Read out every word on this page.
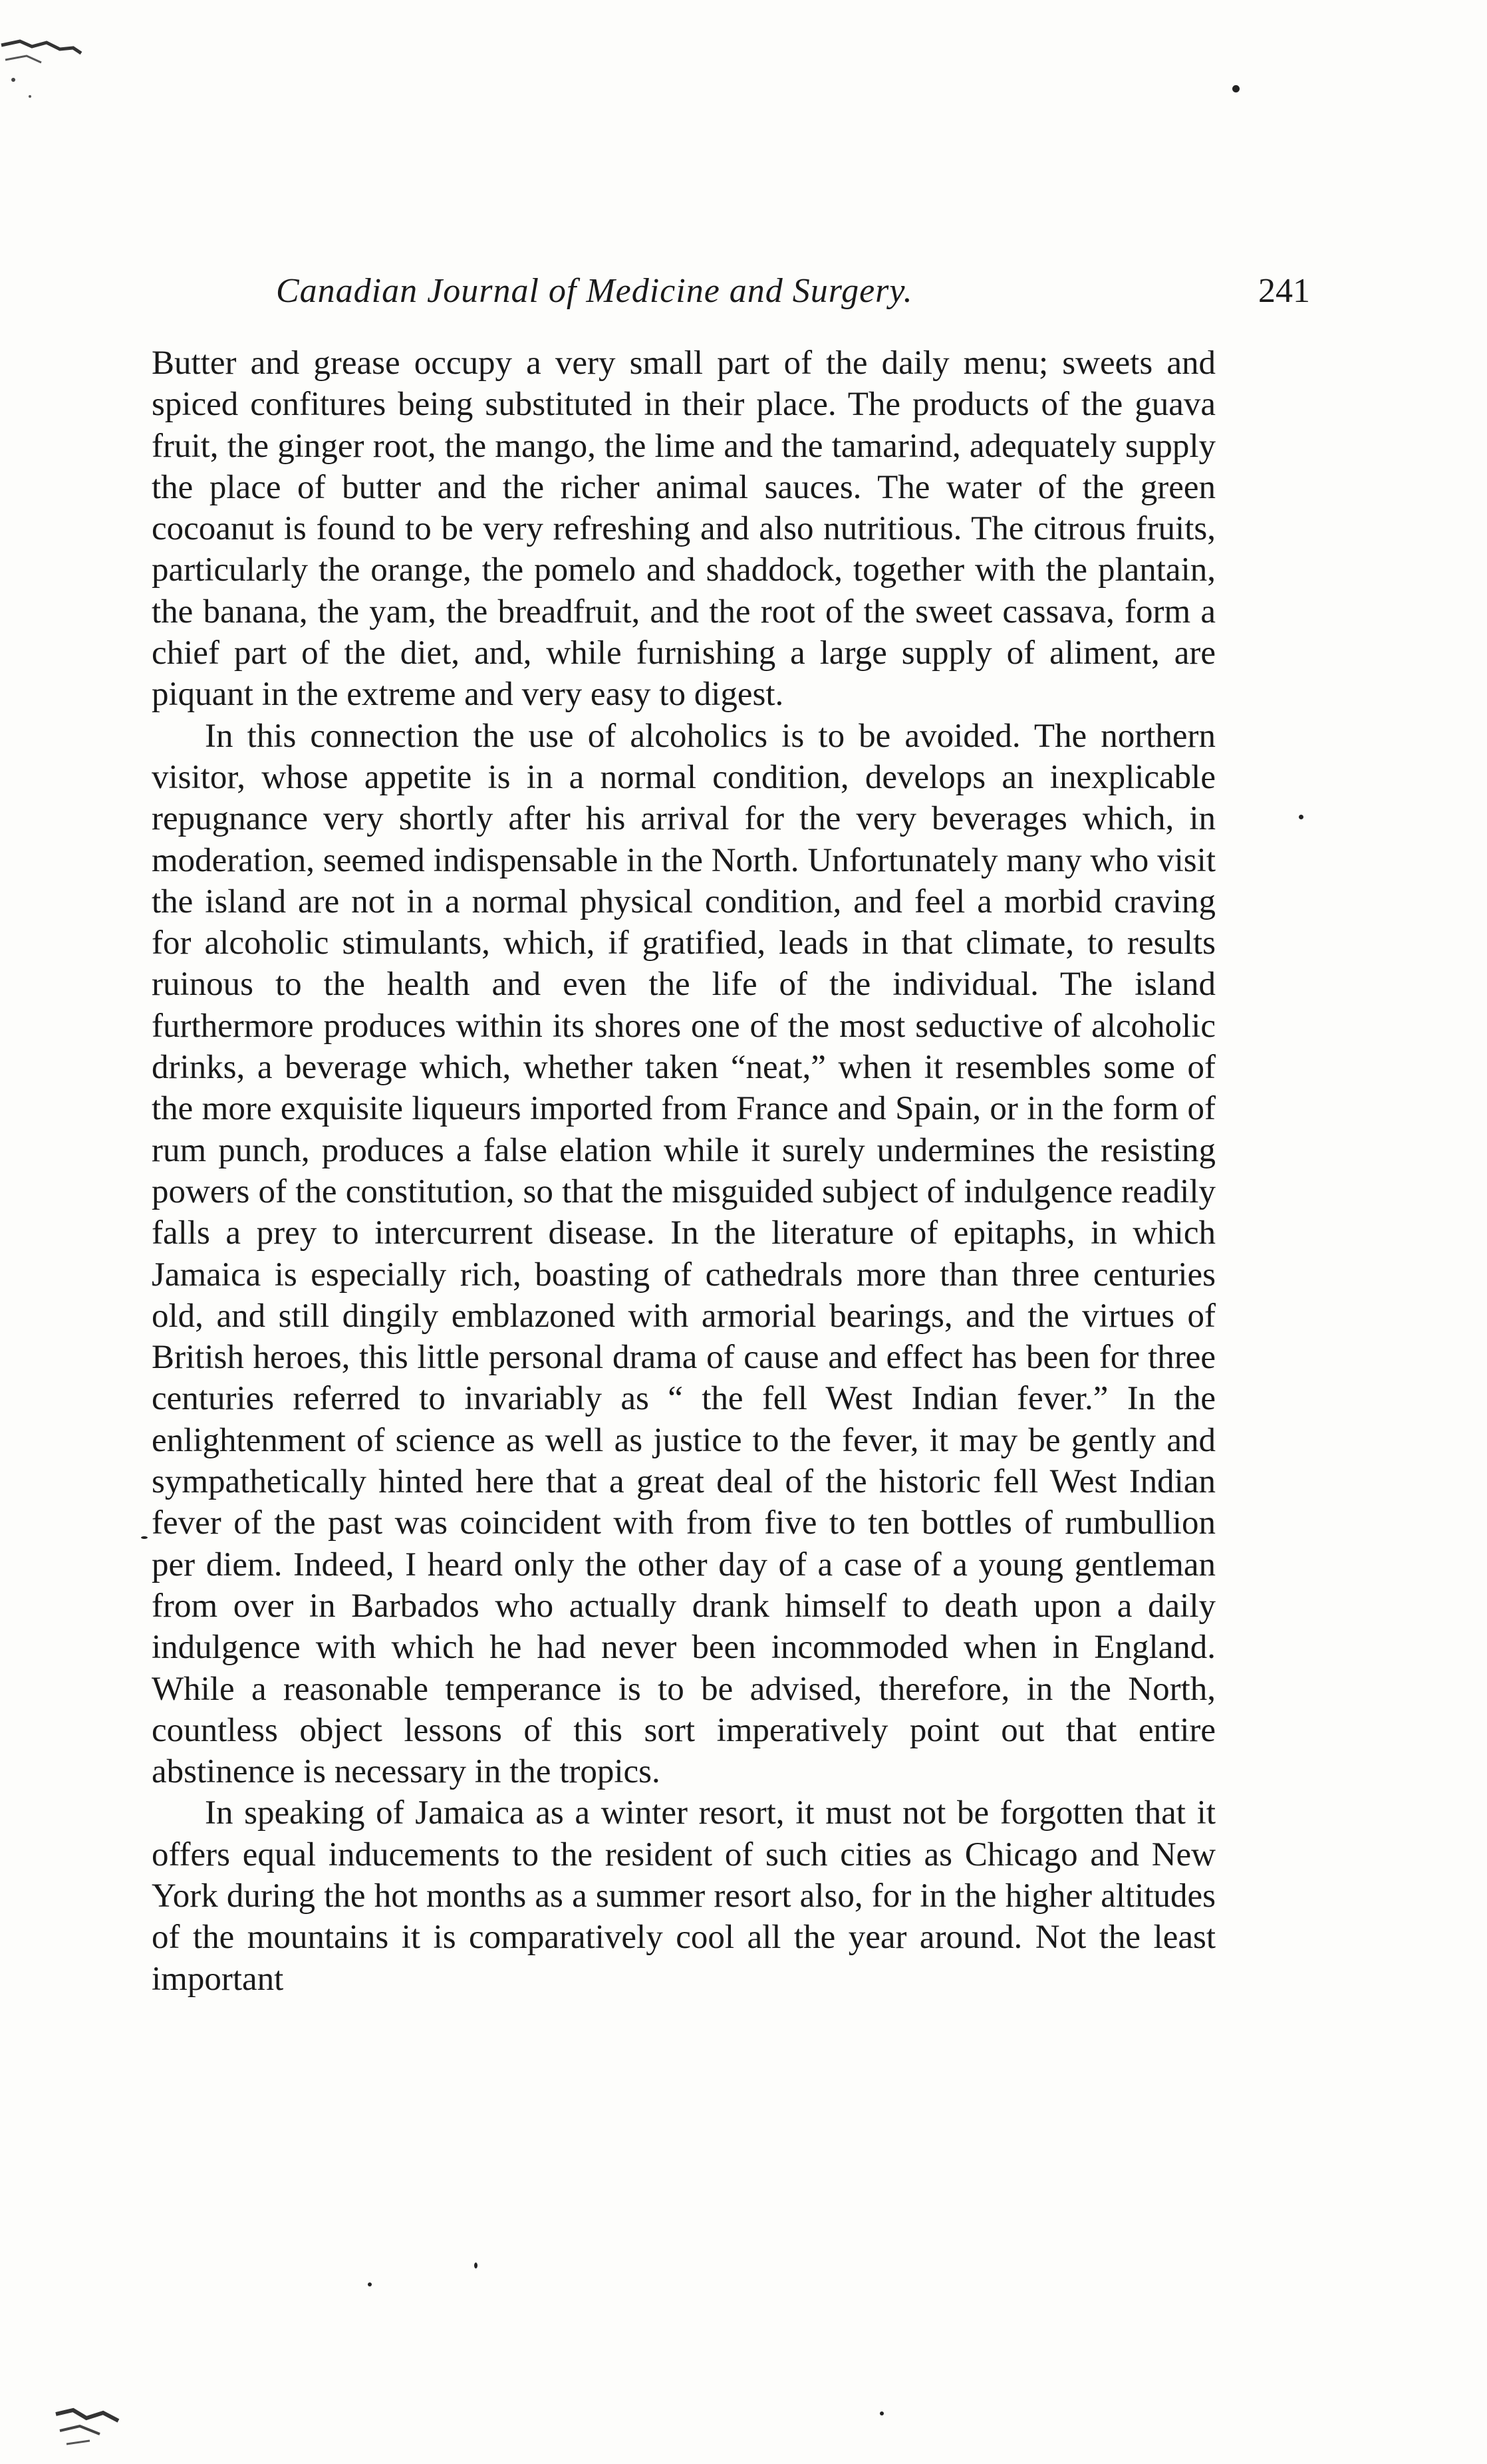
Canadian Journal of Medicine and Surgery.	241

Butter and grease occupy a very small part of the daily menu; sweets and spiced confitures being substituted in their place. The products of the guava fruit, the ginger root, the mango, the lime and the tamarind, adequately supply the place of butter and the richer animal sauces. The water of the green cocoanut is found to be very refreshing and also nutritious. The citrous fruits, particularly the orange, the pomelo and shaddock, together with the plantain, the banana, the yam, the breadfruit, and the root of the sweet cassava, form a chief part of the diet, and, while furnishing a large supply of aliment, are piquant in the extreme and very easy to digest.

In this connection the use of alcoholics is to be avoided. The northern visitor, whose appetite is in a normal condition, develops an inexplicable repugnance very shortly after his arrival for the very beverages which, in moderation, seemed indispensable in the North. Unfortunately many who visit the island are not in a normal physical condition, and feel a morbid craving for alcoholic stimulants, which, if gratified, leads in that climate, to results ruinous to the health and even the life of the individual. The island furthermore produces within its shores one of the most seductive of alcoholic drinks, a beverage which, whether taken “neat,” when it resembles some of the more exquisite liqueurs imported from France and Spain, or in the form of rum punch, produces a false elation while it surely undermines the resisting powers of the constitution, so that the misguided subject of indulgence readily falls a prey to intercurrent disease. In the literature of epitaphs, in which Jamaica is especially rich, boasting of cathedrals more than three centuries old, and still dingily emblazoned with armorial bearings, and the virtues of British heroes, this little personal drama of cause and effect has been for three centuries referred to invariably as “ the fell West Indian fever.” In the enlightenment of science as well as justice to the fever, it may be gently and sympathetically hinted here that a great deal of the historic fell West Indian fever of the past was coincident with from five to ten bottles of rumbullion per diem. Indeed, I heard only the other day of a case of a young gentleman from over in Barbados who actually drank himself to death upon a daily indulgence with which he had never been incommoded when in England. While a reasonable temperance is to be advised, therefore, in the North, countless object lessons of this sort imperatively point out that entire abstinence is necessary in the tropics.

In speaking of Jamaica as a winter resort, it must not be forgotten that it offers equal inducements to the resident of such cities as Chicago and New York during the hot months as a summer resort also, for in the higher altitudes of the mountains it is comparatively cool all the year around. Not the least important
